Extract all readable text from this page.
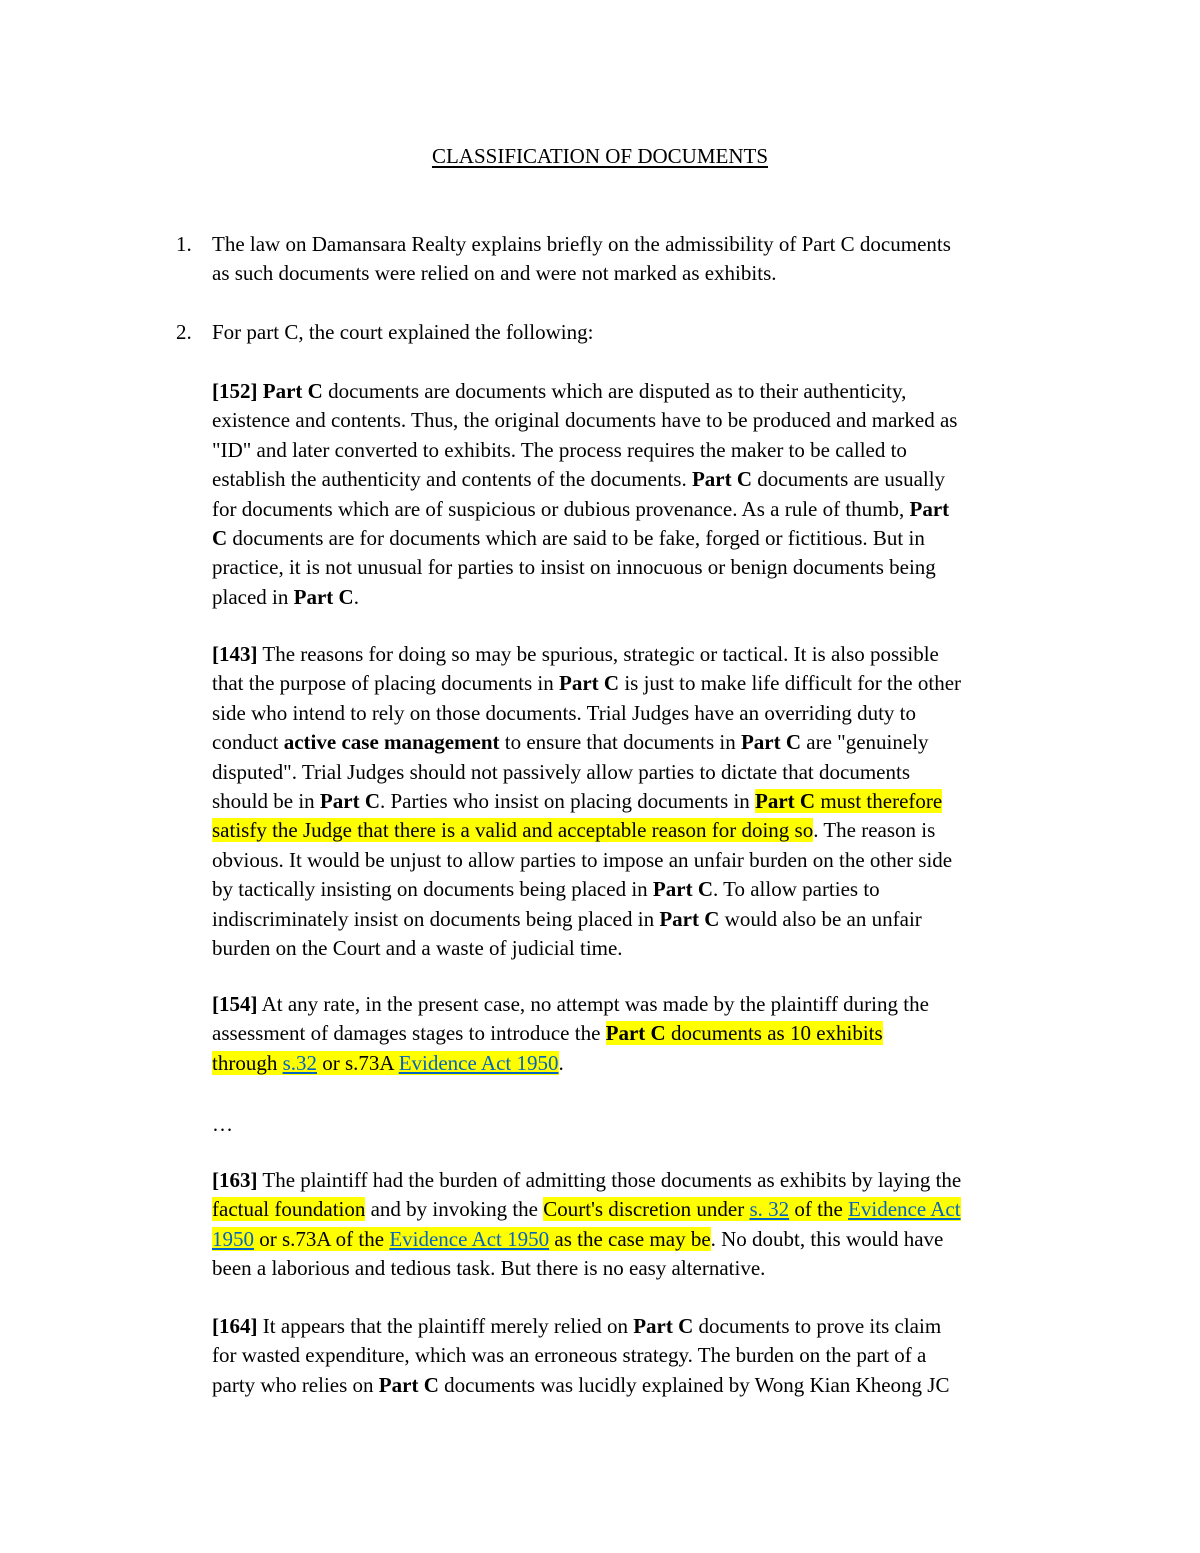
CLASSIFICATION OF DOCUMENTS
1. The law on Damansara Realty explains briefly on the admissibility of Part C documents
as such documents were relied on and were not marked as exhibits.
2. For part C, the court explained the following:
[152] Part C documents are documents which are disputed as to their authenticity,
existence and contents. Thus, the original documents have to be produced and marked as
"ID" and later converted to exhibits. The process requires the maker to be called to
establish the authenticity and contents of the documents. Part C documents are usually
for documents which are of suspicious or dubious provenance. As a rule of thumb, Part
C documents are for documents which are said to be fake, forged or fictitious. But in
practice, it is not unusual for parties to insist on innocuous or benign documents being
placed in Part C.
[143] The reasons for doing so may be spurious, strategic or tactical. It is also possible
that the purpose of placing documents in Part C is just to make life difficult for the other
side who intend to rely on those documents. Trial Judges have an overriding duty to
conduct active case management to ensure that documents in Part C are "genuinely
disputed". Trial Judges should not passively allow parties to dictate that documents
should be in Part C. Parties who insist on placing documents in Part C must therefore
satisfy the Judge that there is a valid and acceptable reason for doing so. The reason is
obvious. It would be unjust to allow parties to impose an unfair burden on the other side
by tactically insisting on documents being placed in Part C. To allow parties to
indiscriminately insist on documents being placed in Part C would also be an unfair
burden on the Court and a waste of judicial time.
[154] At any rate, in the present case, no attempt was made by the plaintiff during the
assessment of damages stages to introduce the Part C documents as 10 exhibits
through s.32 or s.73A Evidence Act 1950.
…
[163] The plaintiff had the burden of admitting those documents as exhibits by laying the
factual foundation and by invoking the Court's discretion under s. 32 of the Evidence Act
1950 or s.73A of the Evidence Act 1950 as the case may be. No doubt, this would have
been a laborious and tedious task. But there is no easy alternative.
[164] It appears that the plaintiff merely relied on Part C documents to prove its claim
for wasted expenditure, which was an erroneous strategy. The burden on the part of a
party who relies on Part C documents was lucidly explained by Wong Kian Kheong JC
